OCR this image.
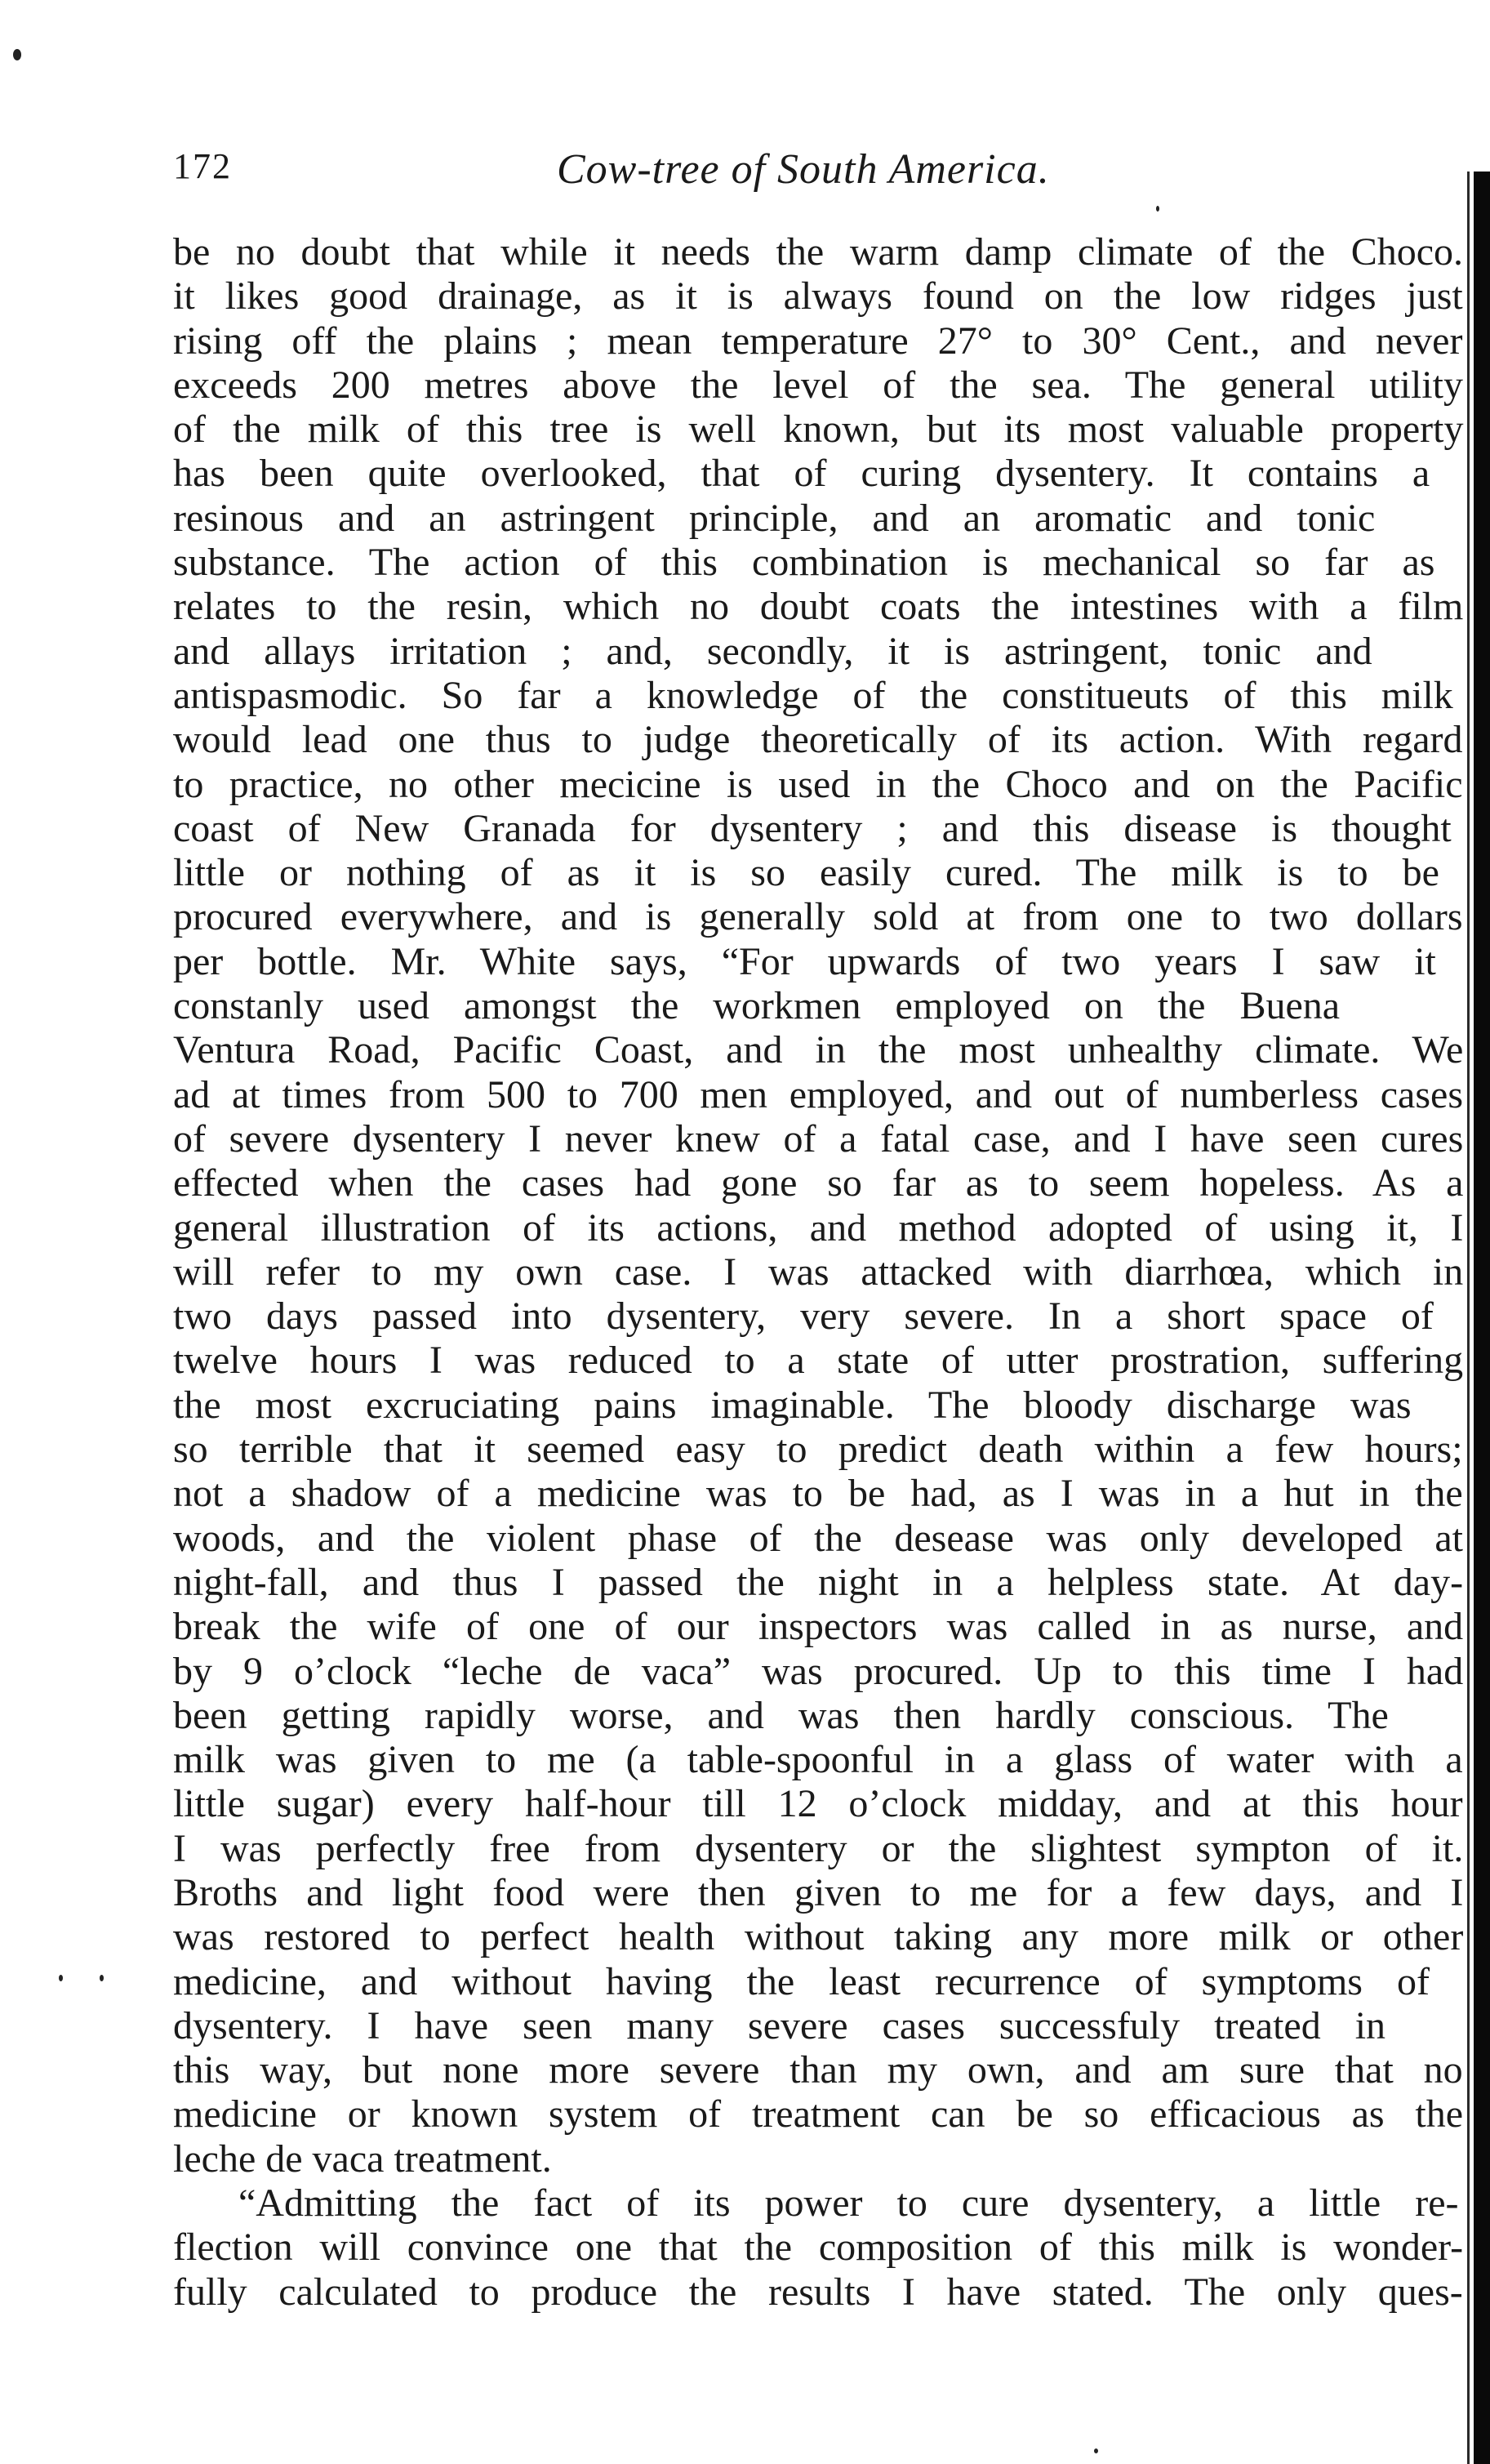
172	Cow-tree of South America.
be no doubt that while it needs the warm damp climate of the Choco.
it likes good drainage, as it is always found on the low ridges just
rising off the plains ; mean temperature 27° to 30° Cent., and never
exceeds 200 metres above the level of the sea. The general utility
of the milk of this tree is well known, but its most valuable property
has been quite overlooked, that of curing dysentery. It contains a
resinous and an astringent principle, and an aromatic and tonic
substance. The action of this combination is mechanical so far as
relates to the resin, which no doubt coats the intestines with a film
and allays irritation ; and, secondly, it is astringent, tonic and
antispasmodic. So far a knowledge of the constitueuts of this milk
would lead one thus to judge theoretically of its action. With regard
to practice, no other mecicine is used in the Choco and on the Pacific
coast of New Granada for dysentery ; and this disease is thought
little or nothing of as it is so easily cured. The milk is to be
procured everywhere, and is generally sold at from one to two dollars
per bottle. Mr. White says, “For upwards of two years I saw it
constanly used amongst the workmen employed on the Buena
Ventura Road, Pacific Coast, and in the most unhealthy climate. We
ad at times from 500 to 700 men employed, and out of numberless cases
of severe dysentery I never knew of a fatal case, and I have seen cures
effected when the cases had gone so far as to seem hopeless. As a
general illustration of its actions, and method adopted of using it, I
will refer to my own case. I was attacked with diarrhœa, which in
two days passed into dysentery, very severe. In a short space of
twelve hours I was reduced to a state of utter prostration, suffering
the most excruciating pains imaginable. The bloody discharge was
so terrible that it seemed easy to predict death within a few hours;
not a shadow of a medicine was to be had, as I was in a hut in the
woods, and the violent phase of the desease was only developed at
night-fall, and thus I passed the night in a helpless state. At day-
break the wife of one of our inspectors was called in as nurse, and
by 9 o’clock “leche de vaca” was procured. Up to this time I had
been getting rapidly worse, and was then hardly conscious. The
milk was given to me (a table-spoonful in a glass of water with a
little sugar) every half-hour till 12 o’clock midday, and at this hour
I was perfectly free from dysentery or the slightest sympton of it.
Broths and light food were then given to me for a few days, and I
was restored to perfect health without taking any more milk or other
medicine, and without having the least recurrence of symptoms of
dysentery. I have seen many severe cases successfuly treated in
this way, but none more severe than my own, and am sure that no
medicine or known system of treatment can be so efficacious as the
leche de vaca treatment.
“Admitting the fact of its power to cure dysentery, a little re-
flection will convince one that the composition of this milk is wonder-
fully calculated to produce the results I have stated. The only ques-
